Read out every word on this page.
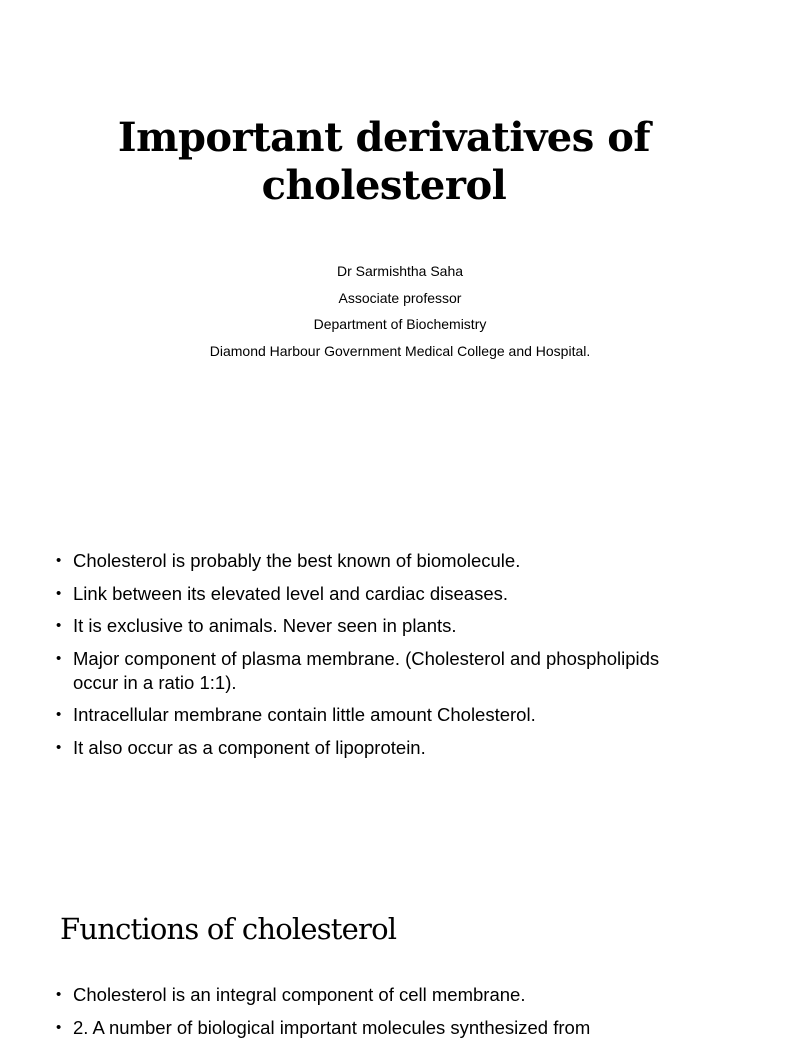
Important derivatives of
cholesterol
Dr Sarmishtha Saha
Associate professor
Department of Biochemistry
Diamond Harbour Government Medical College and Hospital.
• Cholesterol is probably the best known of biomolecule.
• Link between its elevated level and cardiac diseases.
• It is exclusive to animals. Never seen in plants.
• Major component of plasma membrane. (Cholesterol and phospholipids occur in a ratio 1:1).
• Intracellular membrane contain little amount Cholesterol.
• It also occur as a component of lipoprotein.
Functions of cholesterol
• Cholesterol is an integral component of cell membrane.
• 2. A number of biological important molecules synthesized from
